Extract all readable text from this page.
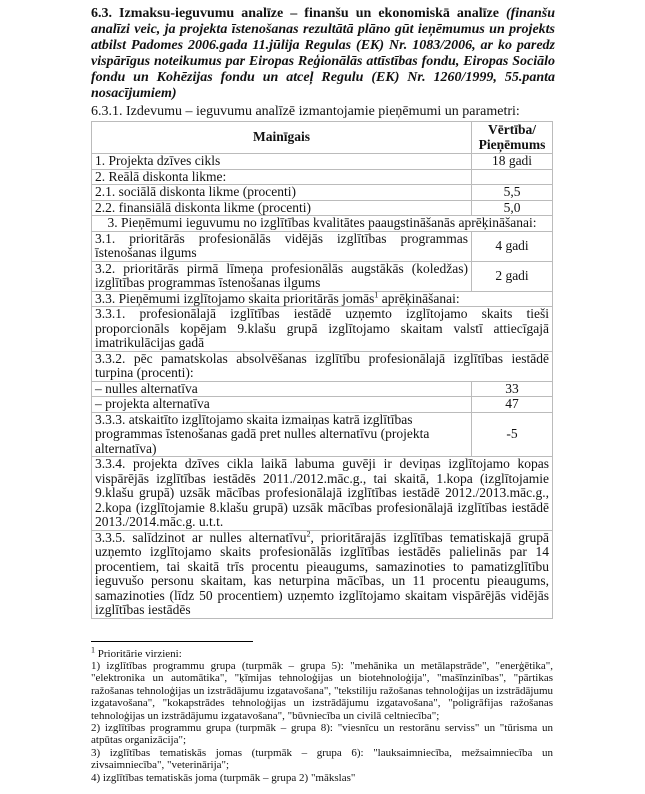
6.3. Izmaksu-ieguvumu analīze – finanšu un ekonomiskā analīze (finanšu analīzi veic, ja projekta īstenošanas rezultātā plāno gūt ieņēmumus un projekts atbilst Padomes 2006.gada 11.jūlija Regulas (EK) Nr. 1083/2006, ar ko paredz vispārīgus noteikumus par Eiropas Reģionālās attīstības fondu, Eiropas Sociālo fondu un Kohēzijas fondu un atceļ Regulu (EK) Nr. 1260/1999, 55.panta nosacījumiem)

6.3.1. Izdevumu – ieguvumu analīzē izmantojamie pieņēmumi un parametri:

Mainīgais	Vērtība/ Pieņēmums
1. Projekta dzīves cikls	18 gadi
2. Reālā diskonta likme:	
2.1. sociālā diskonta likme (procenti)	5,5
2.2. finansiālā diskonta likme (procenti)	5,0
3. Pieņēmumi ieguvumu no izglītības kvalitātes paaugstināšanās aprēķināšanai:	
3.1. prioritārās profesionālās vidējās izglītības programmas īstenošanas ilgums	4 gadi
3.2. prioritārās pirmā līmeņa profesionālās augstākās (koledžas) izglītības programmas īstenošanas ilgums	2 gadi
3.3. Pieņēmumi izglītojamo skaita prioritārās jomās$^1$ aprēķināšanai:	
3.3.1. profesionālajā izglītības iestādē uzņemto izglītojamo skaits tieši proporcionāls kopējam 9.klašu grupā izglītojamo skaitam valstī attiecīgajā imatrikulācijas gadā	
3.3.2. pēc pamatskolas absolvēšanas izglītību profesionālajā izglītības iestādē turpina (procenti):	
– nulles alternatīva	33
– projekta alternatīva	47
3.3.3. atskaitīto izglītojamo skaita izmaiņas katrā izglītības programmas īstenošanas gadā pret nulles alternatīvu (projekta alternatīva)	-5
3.3.4. projekta dzīves cikla laikā labuma guvēji ir deviņas izglītojamo kopas vispārējās izglītības iestādēs 2011./2012.māc.g., tai skaitā, 1.kopa (izglītojamie 9.klašu grupā) uzsāk mācības profesionālajā izglītības iestādē 2012./2013.māc.g., 2.kopa (izglītojamie 8.klašu grupā) uzsāk mācības profesionālajā izglītības iestādē 2013./2014.māc.g. u.t.t.	
3.3.5. salīdzinot ar nulles alternatīvu$^2$, prioritārajās izglītības tematiskajā grupā uzņemto izglītojamo skaits profesionālās izglītības iestādēs palielinās par 14 procentiem, tai skaitā trīs procentu pieaugums, samazinoties to pamatizglītību ieguvušo personu skaitam, kas neturpina mācības, un 11 procentu pieaugums, samazinoties (līdz 50 procentiem) uzņemto izglītojamo skaitam vispārējās vidējās izglītības iestādēs	

$^1$ Prioritārie virzieni:

1) izglītības programmu grupa (turpmāk – grupa 5): "mehānika un metālapstrāde", "enerģētika", "elektronika un automātika", "ķīmijas tehnoloģijas un biotehnoloģija", "mašīnzinības", "pārtikas ražošanas tehnoloģijas un izstrādājumu izgatavošana", "tekstiliju ražošanas tehnoloģijas un izstrādājumu izgatavošana", "kokapstrādes tehnoloģijas un izstrādājumu izgatavošana", "poligrāfijas ražošanas tehnoloģijas un izstrādājumu izgatavošana", "būvniecība un civilā celtniecība";

2) izglītības programmu grupa (turpmāk – grupa 8): "viesnīcu un restorānu serviss" un "tūrisma un atpūtas organizācija";

3) izglītības tematiskās jomas (turpmāk – grupa 6): "lauksaimniecība, mežsaimniecība un zivsaimniecība", "veterinārija";

4) izglītības tematiskās joma (turpmāk – grupa 2) "mākslas"
